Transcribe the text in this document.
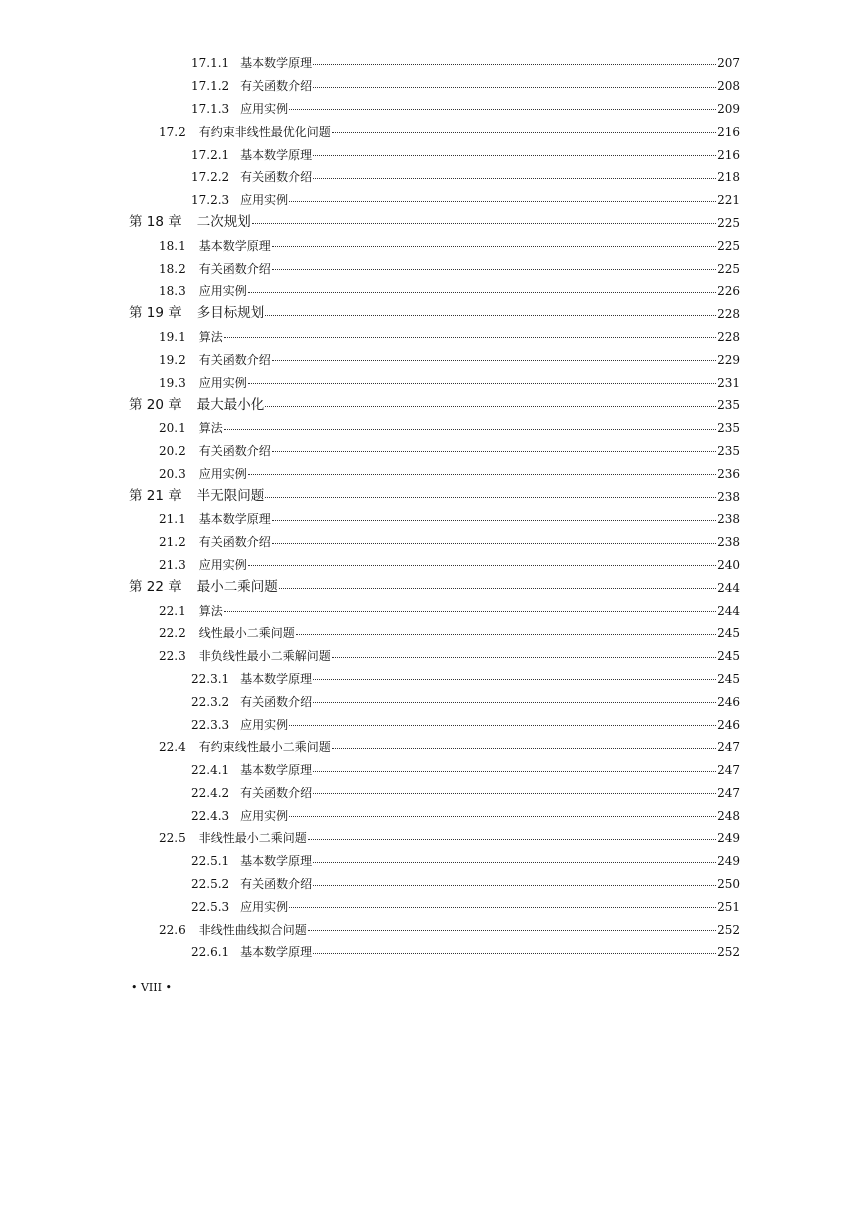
17.1.1 基本数学原理	207
17.1.2 有关函数介绍	208
17.1.3 应用实例	209
17.2 有约束非线性最优化问题	216
17.2.1 基本数学原理	216
17.2.2 有关函数介绍	218
17.2.3 应用实例	221
第 18 章 二次规划	225
18.1 基本数学原理	225
18.2 有关函数介绍	225
18.3 应用实例	226
第 19 章 多目标规划	228
19.1 算法	228
19.2 有关函数介绍	229
19.3 应用实例	231
第 20 章 最大最小化	235
20.1 算法	235
20.2 有关函数介绍	235
20.3 应用实例	236
第 21 章 半无限问题	238
21.1 基本数学原理	238
21.2 有关函数介绍	238
21.3 应用实例	240
第 22 章 最小二乘问题	244
22.1 算法	244
22.2 线性最小二乘问题	245
22.3 非负线性最小二乘解问题	245
22.3.1 基本数学原理	245
22.3.2 有关函数介绍	246
22.3.3 应用实例	246
22.4 有约束线性最小二乘问题	247
22.4.1 基本数学原理	247
22.4.2 有关函数介绍	247
22.4.3 应用实例	248
22.5 非线性最小二乘问题	249
22.5.1 基本数学原理	249
22.5.2 有关函数介绍	250
22.5.3 应用实例	251
22.6 非线性曲线拟合问题	252
22.6.1 基本数学原理	252
• VIII •
